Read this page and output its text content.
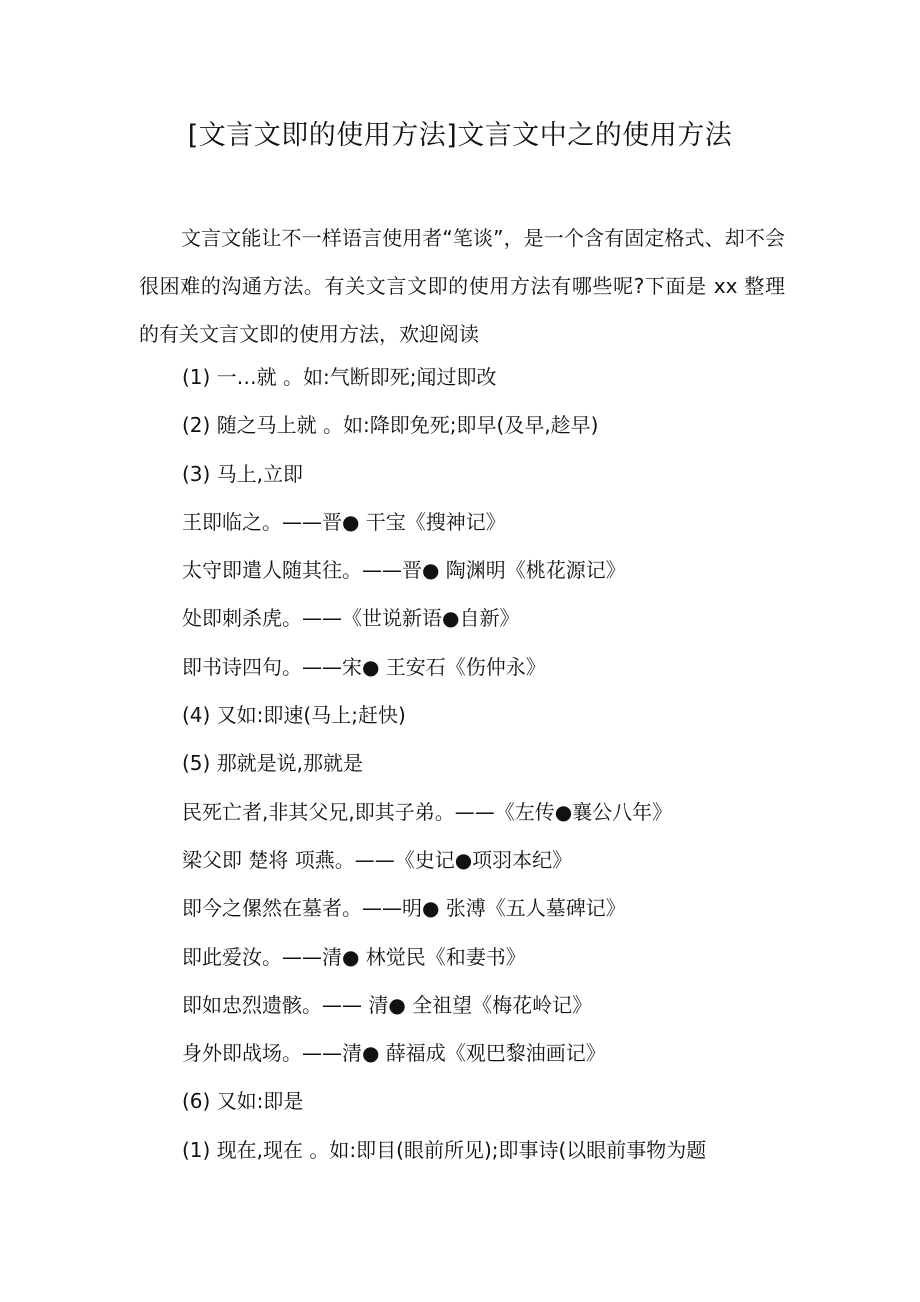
[文言文即的使用方法]文言文中之的使用方法
文言文能让不一样语言使用者“笔谈”，是一个含有固定格式、却不会很困难的沟通方法。有关文言文即的使用方法有哪些呢?下面是 xx 整理的有关文言文即的使用方法，欢迎阅读
(1) 一…就 。如:气断即死;闻过即改
(2) 随之马上就 。如:降即免死;即早(及早,趁早)
(3) 马上,立即
王即临之。——晋● 干宝《搜神记》
太守即遣人随其往。——晋● 陶渊明《桃花源记》
处即刺杀虎。——《世说新语●自新》
即书诗四句。——宋● 王安石《伤仲永》
(4) 又如:即速(马上;赶快)
(5) 那就是说,那就是
民死亡者,非其父兄,即其子弟。——《左传●襄公八年》
梁父即 楚将 项燕。——《史记●项羽本纪》
即今之傫然在墓者。——明● 张溥《五人墓碑记》
即此爱汝。——清● 林觉民《和妻书》
即如忠烈遗骸。—— 清● 全祖望《梅花岭记》
身外即战场。——清● 薛福成《观巴黎油画记》
(6) 又如:即是
(1) 现在,现在 。如:即目(眼前所见);即事诗(以眼前事物为题
